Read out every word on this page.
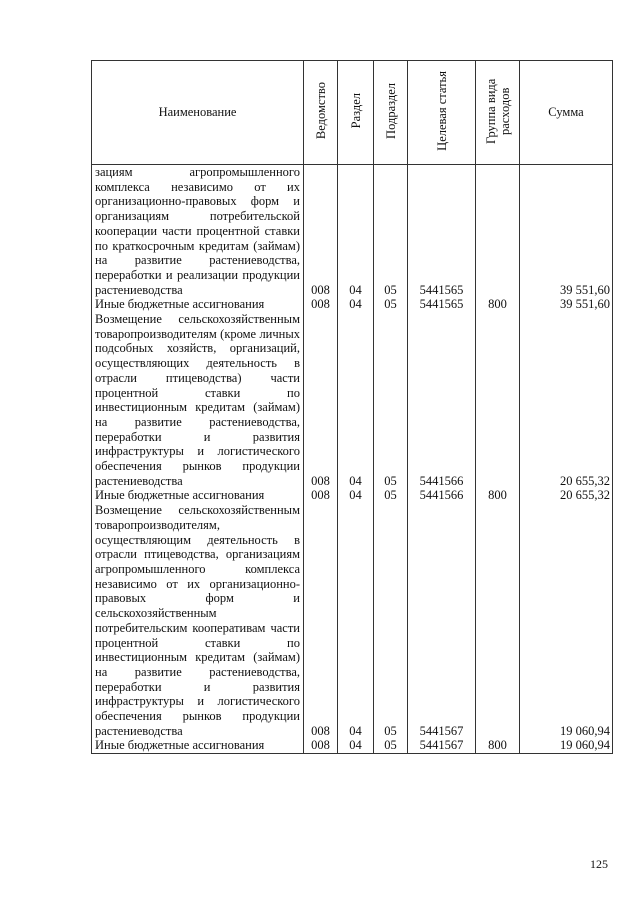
Наименование	Ведомство	Раздел	Подраздел	Целевая статья	Группа вида расходов	Сумма
зациям агропромышленного комплекса независимо от их организационно-правовых форм и организациям потребительской кооперации части процентной ставки по краткосрочным кредитам (займам) на развитие растениеводства, переработки и реализации продукции растениеводства	008	04	05	5441565		39 551,60
Иные бюджетные ассигнования	008	04	05	5441565	800	39 551,60
Возмещение сельскохозяйственным товаропроизводителям (кроме личных подсобных хозяйств, организаций, осуществляющих деятельность в отрасли птицеводства) части процентной ставки по инвестиционным кредитам (займам) на развитие растениеводства, переработки и развития инфраструктуры и логистического обеспечения рынков продукции растениеводства	008	04	05	5441566		20 655,32
Иные бюджетные ассигнования	008	04	05	5441566	800	20 655,32
Возмещение сельскохозяйственным товаропроизводителям, осуществляющим деятельность в отрасли птицеводства, организациям агропромышленного комплекса независимо от их организационно-правовых форм и сельскохозяйственным потребительским кооперативам части процентной ставки по инвестиционным кредитам (займам) на развитие растениеводства, переработки и развития инфраструктуры и логистического обеспечения рынков продукции растениеводства	008	04	05	5441567		19 060,94
Иные бюджетные ассигнования	008	04	05	5441567	800	19 060,94
125
